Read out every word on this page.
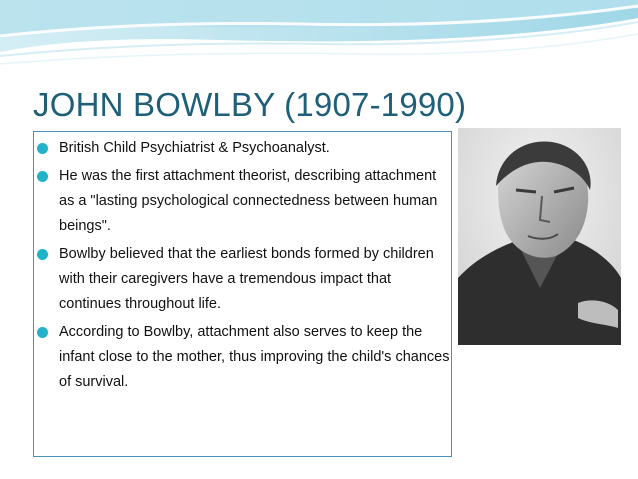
JOHN BOWLBY (1907-1990)
British Child Psychiatrist & Psychoanalyst.
He was the first attachment theorist, describing attachment as a "lasting psychological connectedness between human beings".
Bowlby believed that the earliest bonds formed by children with their caregivers have a tremendous impact that continues throughout life.
According to Bowlby, attachment also serves to keep the infant close to the mother, thus improving the child's chances of survival.
